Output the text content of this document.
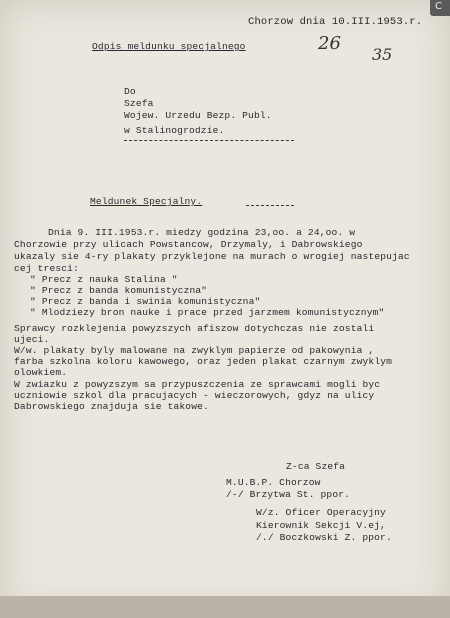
C
Chorzow dnia 10.III.1953.r.
Odpis meldunku specjalnego	26
35
Do
Szefa
Wojew. Urzedu Bezp. Publ.
w Stalinogrodzie.
Meldunek Specjalny.
Dnia 9. III.1953.r. miedzy godzina 23,oo. a 24,oo. w
Chorzowie przy ulicach Powstancow, Drzymaly, i Dabrowskiego
ukazaly sie 4-ry plakaty przyklejone na murach o wrogiej nastepujac
cej tresci:
" Precz z nauka Stalina "
" Precz z banda komunistyczna"
" Precz z banda i swinia komunistyczna"
" Mlodziezy bron nauke i prace przed jarzmem komunistycznym"
Sprawcy rozklejenia powyzszych afiszow dotychczas nie zostali
ujeci.
W/w. plakaty byly malowane na zwyklym papierze od pakowynia ,
farba szkolna koloru kawowego, oraz jeden plakat czarnym zwyklym
olowkiem.
W zwiazku z powyzszym sa przypuszczenia ze sprawcami mogli byc
uczniowie szkol dla pracujacych - wieczorowych, gdyz na ulicy
Dabrowskiego znajduja sie takowe.
Z-ca Szefa
M.U.B.P. Chorzow
/-/ Brzytwa St. ppor.
W/z. Oficer Operacyjny
Kierownik Sekcji V.ej,
/./ Boczkowski Z. ppor.
